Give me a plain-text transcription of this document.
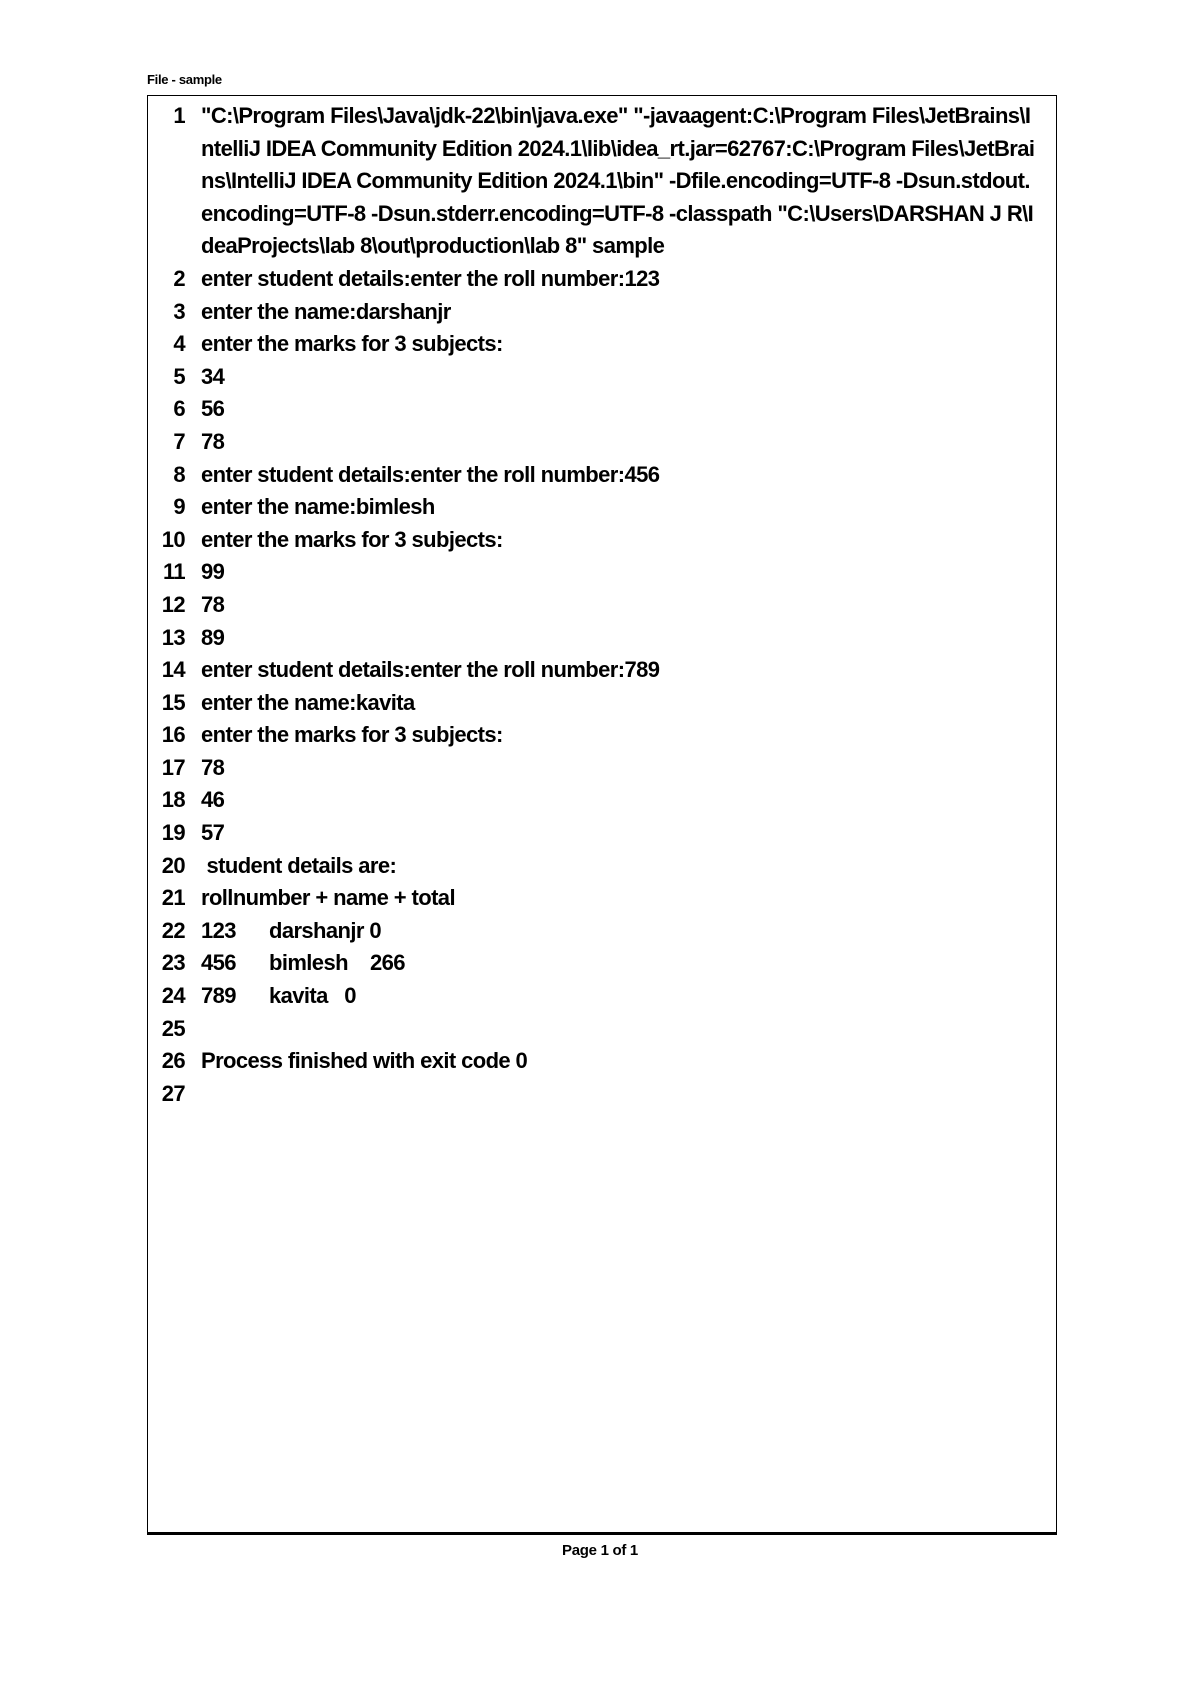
File - sample
1 "C:\Program Files\Java\jdk-22\bin\java.exe" "-javaagent:C:\Program Files\JetBrains\IntelliJ IDEA Community Edition 2024.1\lib\idea_rt.jar=62767:C:\Program Files\JetBrains\IntelliJ IDEA Community Edition 2024.1\bin" -Dfile.encoding=UTF-8 -Dsun.stdout.encoding=UTF-8 -Dsun.stderr.encoding=UTF-8 -classpath "C:\Users\DARSHAN J R\IdeaProjects\lab 8\out\production\lab 8" sample
2 enter student details:enter the roll number:123
3 enter the name:darshanjr
4 enter the marks for 3 subjects:
5 34
6 56
7 78
8 enter student details:enter the roll number:456
9 enter the name:bimlesh
10 enter the marks for 3 subjects:
11 99
12 78
13 89
14 enter student details:enter the roll number:789
15 enter the name:kavita
16 enter the marks for 3 subjects:
17 78
18 46
19 57
20 student details are:
21 rollnumber + name + total
22 123      darshanjr 0
23 456      bimlesh    266
24 789      kavita   0
25
26 Process finished with exit code 0
27
Page 1 of 1
